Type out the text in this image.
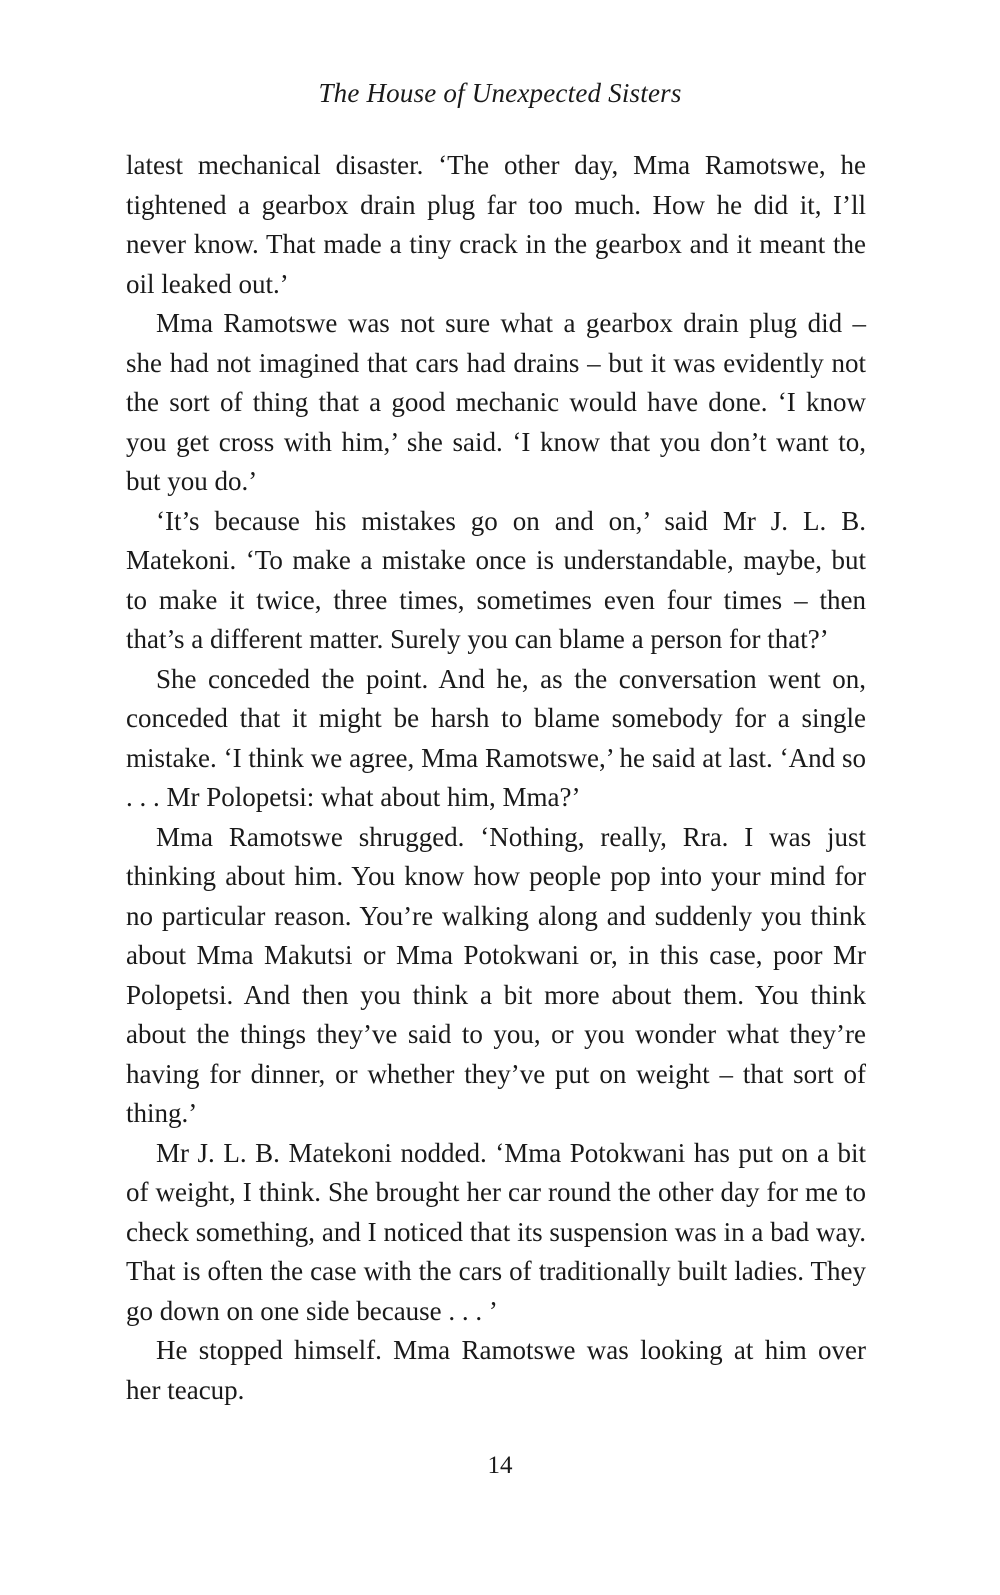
The House of Unexpected Sisters

latest mechanical disaster. ‘The other day, Mma Ramotswe, he tightened a gearbox drain plug far too much. How he did it, I’ll never know. That made a tiny crack in the gearbox and it meant the oil leaked out.’

Mma Ramotswe was not sure what a gearbox drain plug did – she had not imagined that cars had drains – but it was evidently not the sort of thing that a good mechanic would have done. ‘I know you get cross with him,’ she said. ‘I know that you don’t want to, but you do.’

‘It’s because his mistakes go on and on,’ said Mr J. L. B. Matekoni. ‘To make a mistake once is understandable, maybe, but to make it twice, three times, sometimes even four times – then that’s a different matter. Surely you can blame a person for that?’

She conceded the point. And he, as the conversation went on, conceded that it might be harsh to blame somebody for a single mistake. ‘I think we agree, Mma Ramotswe,’ he said at last. ‘And so . . . Mr Polopetsi: what about him, Mma?’

Mma Ramotswe shrugged. ‘Nothing, really, Rra. I was just thinking about him. You know how people pop into your mind for no particular reason. You’re walking along and suddenly you think about Mma Makutsi or Mma Potokwani or, in this case, poor Mr Polopetsi. And then you think a bit more about them. You think about the things they’ve said to you, or you wonder what they’re having for dinner, or whether they’ve put on weight – that sort of thing.’

Mr J. L. B. Matekoni nodded. ‘Mma Potokwani has put on a bit of weight, I think. She brought her car round the other day for me to check something, and I noticed that its suspension was in a bad way. That is often the case with the cars of traditionally built ladies. They go down on one side because . . . ’

He stopped himself. Mma Ramotswe was looking at him over her teacup.

14
